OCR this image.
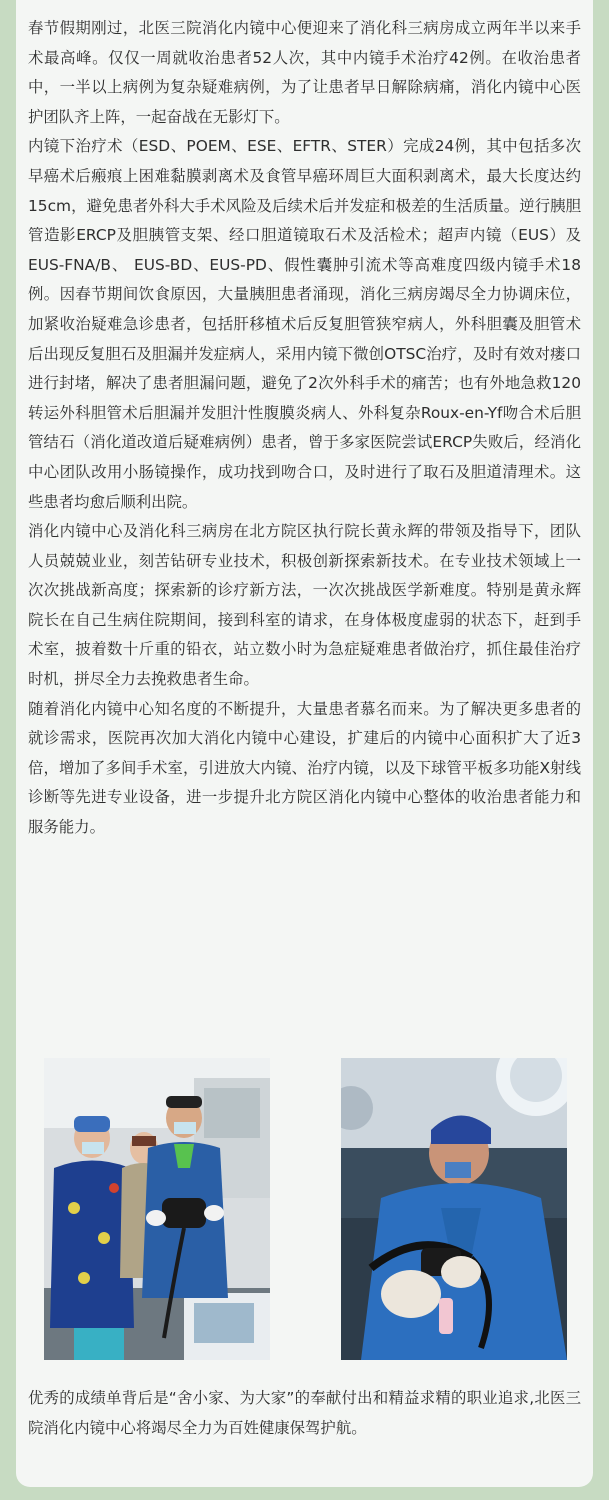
春节假期刚过，北医三院消化内镜中心便迎来了消化科三病房成立两年半以来手术最高峰。仅仅一周就收治患者52人次，其中内镜手术治疗42例。在收治患者中，一半以上病例为复杂疑难病例，为了让患者早日解除病痛，消化内镜中心医护团队齐上阵，一起奋战在无影灯下。

内镜下治疗术（ESD、POEM、ESE、EFTR、STER）完成24例，其中包括多次早癌术后瘢痕上困难黏膜剥离术及食管早癌环周巨大面积剥离术，最大长度达约15cm，避免患者外科大手术风险及后续术后并发症和极差的生活质量。逆行胰胆管造影ERCP及胆胰管支架、经口胆道镜取石术及活检术；超声内镜（EUS）及EUS-FNA/B、 EUS-BD、EUS-PD、假性囊肿引流术等高难度四级内镜手术18例。因春节期间饮食原因，大量胰胆患者涌现，消化三病房竭尽全力协调床位，加紧收治疑难急诊患者，包括肝移植术后反复胆管狭窄病人，外科胆囊及胆管术后出现反复胆石及胆漏并发症病人，采用内镜下微创OTSC治疗，及时有效对瘘口进行封堵，解决了患者胆漏问题，避免了2次外科手术的痛苦；也有外地急救120转运外科胆管术后胆漏并发胆汁性腹膜炎病人、外科复杂Roux-en-Yf吻合术后胆管结石（消化道改道后疑难病例）患者，曾于多家医院尝试ERCP失败后，经消化中心团队改用小肠镜操作，成功找到吻合口，及时进行了取石及胆道清理术。这些患者均愈后顺利出院。

消化内镜中心及消化科三病房在北方院区执行院长黄永辉的带领及指导下，团队人员兢兢业业，刻苦钻研专业技术，积极创新探索新技术。在专业技术领域上一次次挑战新高度；探索新的诊疗新方法，一次次挑战医学新难度。特别是黄永辉院长在自己生病住院期间，接到科室的请求，在身体极度虚弱的状态下，赶到手术室，披着数十斤重的铅衣，站立数小时为急症疑难患者做治疗，抓住最佳治疗时机，拼尽全力去挽救患者生命。

随着消化内镜中心知名度的不断提升，大量患者慕名而来。为了解决更多患者的就诊需求，医院再次加大消化内镜中心建设，扩建后的内镜中心面积扩大了近3倍，增加了多间手术室，引进放大内镜、治疗内镜，以及下球管平板多功能X射线诊断等先进专业设备，进一步提升北方院区消化内镜中心整体的收治患者能力和服务能力。

优秀的成绩单背后是“舍小家、为大家”的奉献付出和精益求精的职业追求,北医三院消化内镜中心将竭尽全力为百姓健康保驾护航。
